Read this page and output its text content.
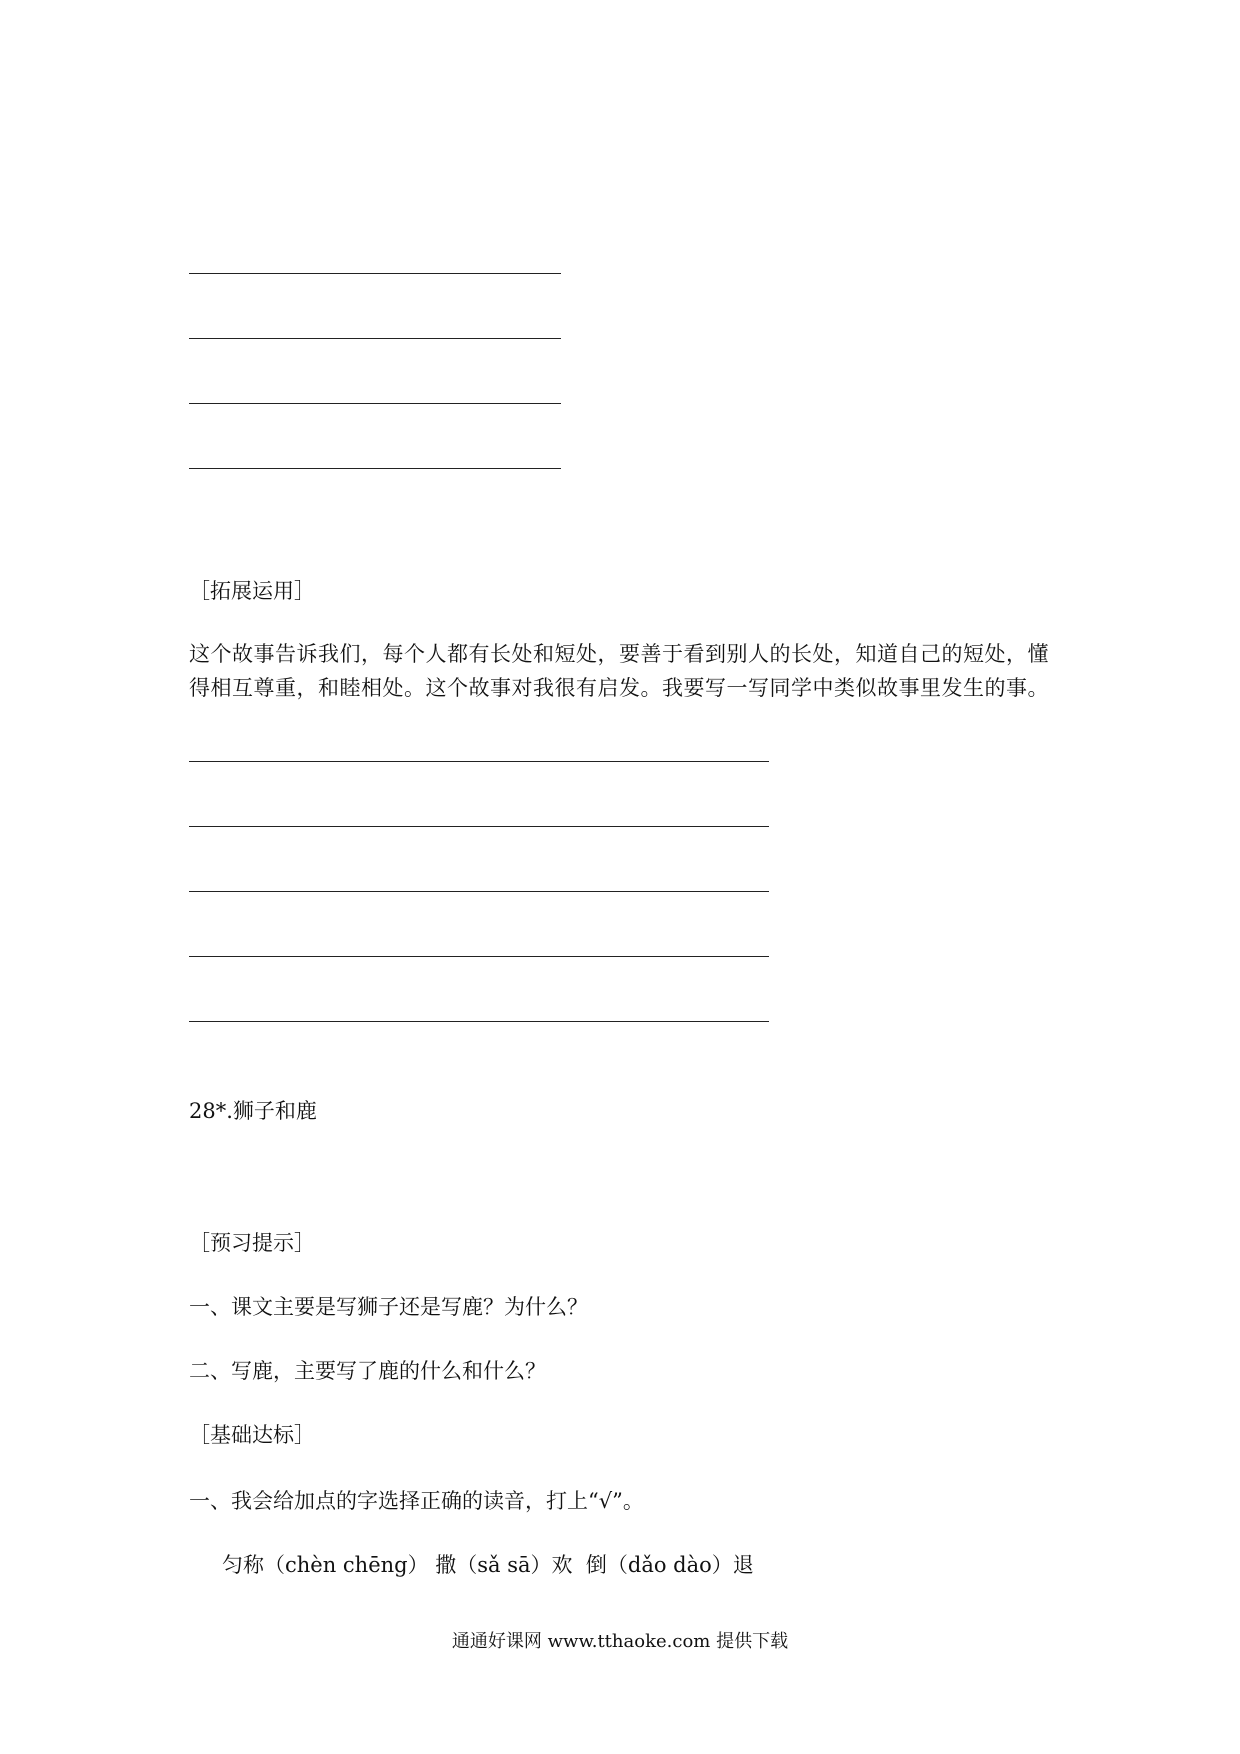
［拓展运用］
这个故事告诉我们，每个人都有长处和短处，要善于看到别人的长处，知道自己的短处，懂得相互尊重，和睦相处。这个故事对我很有启发。我要写一写同学中类似故事里发生的事。
28*.狮子和鹿
［预习提示］
一、课文主要是写狮子还是写鹿？为什么？
二、写鹿，主要写了鹿的什么和什么？
［基础达标］
一、我会给加点的字选择正确的读音，打上“√”。
匀称（chèn chēng） 撒（sǎ sā）欢  倒（dǎo dào）退
通通好课网 www.tthaoke.com 提供下载
